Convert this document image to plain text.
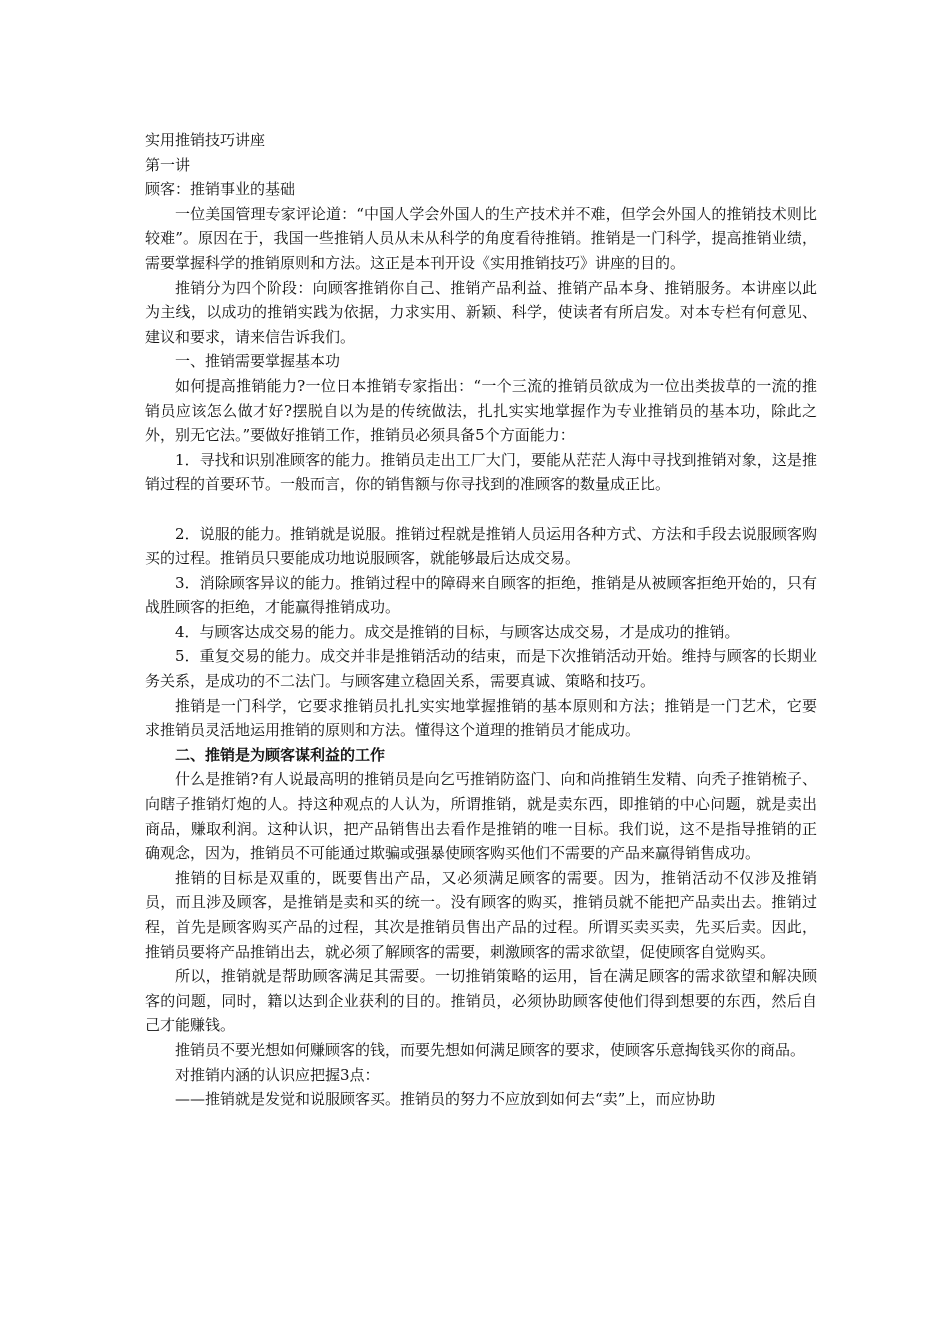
实用推销技巧讲座

第一讲

顾客：推销事业的基础

一位美国管理专家评论道：“中国人学会外国人的生产技术并不难，但学会外国人的推销技术则比较难”。原因在于，我国一些推销人员从未从科学的角度看待推销。推销是一门科学，提高推销业绩，需要掌握科学的推销原则和方法。这正是本刊开设《实用推销技巧》讲座的目的。

推销分为四个阶段：向顾客推销你自己、推销产品利益、推销产品本身、推销服务。本讲座以此为主线，以成功的推销实践为依据，力求实用、新颖、科学，使读者有所启发。对本专栏有何意见、建议和要求，请来信告诉我们。

一、推销需要掌握基本功

如何提高推销能力?一位日本推销专家指出：“一个三流的推销员欲成为一位出类拔草的一流的推销员应该怎么做才好?摆脱自以为是的传统做法，扎扎实实地掌握作为专业推销员的基本功，除此之外，别无它法。”要做好推销工作，推销员必须具备5个方面能力：

1．寻找和识别准顾客的能力。推销员走出工厂大门，要能从茫茫人海中寻找到推销对象，这是推销过程的首要环节。一般而言，你的销售额与你寻找到的准顾客的数量成正比。

2．说服的能力。推销就是说服。推销过程就是推销人员运用各种方式、方法和手段去说服顾客购买的过程。推销员只要能成功地说服顾客，就能够最后达成交易。

3．消除顾客异议的能力。推销过程中的障碍来自顾客的拒绝，推销是从被顾客拒绝开始的，只有战胜顾客的拒绝，才能赢得推销成功。

4．与顾客达成交易的能力。成交是推销的目标，与顾客达成交易，才是成功的推销。

5．重复交易的能力。成交并非是推销活动的结束，而是下次推销活动开始。维持与顾客的长期业务关系，是成功的不二法门。与顾客建立稳固关系，需要真诚、策略和技巧。

推销是一门科学，它要求推销员扎扎实实地掌握推销的基本原则和方法；推销是一门艺术，它要求推销员灵活地运用推销的原则和方法。懂得这个道理的推销员才能成功。

二、推销是为顾客谋利益的工作

什么是推销?有人说最高明的推销员是向乞丐推销防盗门、向和尚推销生发精、向秃子推销梳子、向瞎子推销灯炮的人。持这种观点的人认为，所谓推销，就是卖东西，即推销的中心问题，就是卖出商品，赚取利润。这种认识，把产品销售出去看作是推销的唯一目标。我们说，这不是指导推销的正确观念，因为，推销员不可能通过欺骗或强暴使顾客购买他们不需要的产品来赢得销售成功。

推销的目标是双重的，既要售出产品，又必须满足顾客的需要。因为，推销活动不仅涉及推销员，而且涉及顾客，是推销是卖和买的统一。没有顾客的购买，推销员就不能把产品卖出去。推销过程，首先是顾客购买产品的过程，其次是推销员售出产品的过程。所谓买卖买卖，先买后卖。因此，推销员要将产品推销出去，就必须了解顾客的需要，刺激顾客的需求欲望，促使顾客自觉购买。

所以，推销就是帮助顾客满足其需要。一切推销策略的运用，旨在满足顾客的需求欲望和解决顾客的问题，同时，籍以达到企业获利的目的。推销员，必须协助顾客使他们得到想要的东西，然后自己才能赚钱。

推销员不要光想如何赚顾客的钱，而要先想如何满足顾客的要求，使顾客乐意掏钱买你的商品。

对推销内涵的认识应把握3点：

——推销就是发觉和说服顾客买。推销员的努力不应放到如何去“卖”上，而应协助
